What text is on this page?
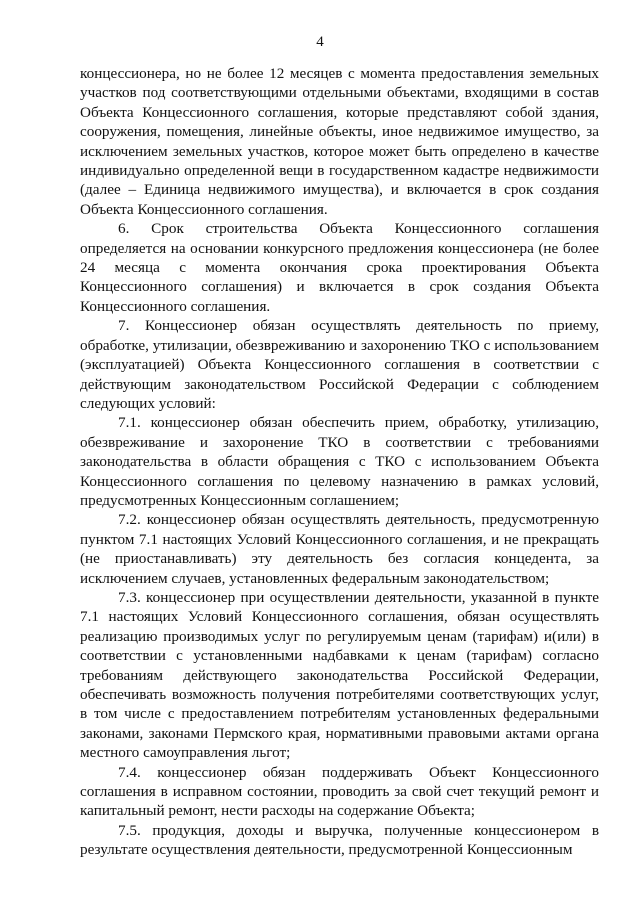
4

концессионера, но не более 12 месяцев с момента предоставления земельных участков под соответствующими отдельными объектами, входящими в состав Объекта Концессионного соглашения, которые представляют собой здания, сооружения, помещения, линейные объекты, иное недвижимое имущество, за исключением земельных участков, которое может быть определено в качестве индивидуально определенной вещи в государственном кадастре недвижимости (далее – Единица недвижимого имущества), и включается в срок создания Объекта Концессионного соглашения.

6. Срок строительства Объекта Концессионного соглашения определяется на основании конкурсного предложения концессионера (не более 24 месяца с момента окончания срока проектирования Объекта Концессионного соглашения) и включается в срок создания Объекта Концессионного соглашения.

7. Концессионер обязан осуществлять деятельность по приему, обработке, утилизации, обезвреживанию и захоронению ТКО с использованием (эксплуатацией) Объекта Концессионного соглашения в соответствии с действующим законодательством Российской Федерации с соблюдением следующих условий:

7.1. концессионер обязан обеспечить прием, обработку, утилизацию, обезвреживание и захоронение ТКО в соответствии с требованиями законодательства в области обращения с ТКО с использованием Объекта Концессионного соглашения по целевому назначению в рамках условий, предусмотренных Концессионным соглашением;

7.2. концессионер обязан осуществлять деятельность, предусмотренную пунктом 7.1 настоящих Условий Концессионного соглашения, и не прекращать (не приостанавливать) эту деятельность без согласия концедента, за исключением случаев, установленных федеральным законодательством;

7.3. концессионер при осуществлении деятельности, указанной в пункте 7.1 настоящих Условий Концессионного соглашения, обязан осуществлять реализацию производимых услуг по регулируемым ценам (тарифам) и(или) в соответствии с установленными надбавками к ценам (тарифам) согласно требованиям действующего законодательства Российской Федерации, обеспечивать возможность получения потребителями соответствующих услуг, в том числе с предоставлением потребителям установленных федеральными законами, законами Пермского края, нормативными правовыми актами органа местного самоуправления льгот;

7.4. концессионер обязан поддерживать Объект Концессионного соглашения в исправном состоянии, проводить за свой счет текущий ремонт и капитальный ремонт, нести расходы на содержание Объекта;

7.5. продукция, доходы и выручка, полученные концессионером в результате осуществления деятельности, предусмотренной Концессионным
